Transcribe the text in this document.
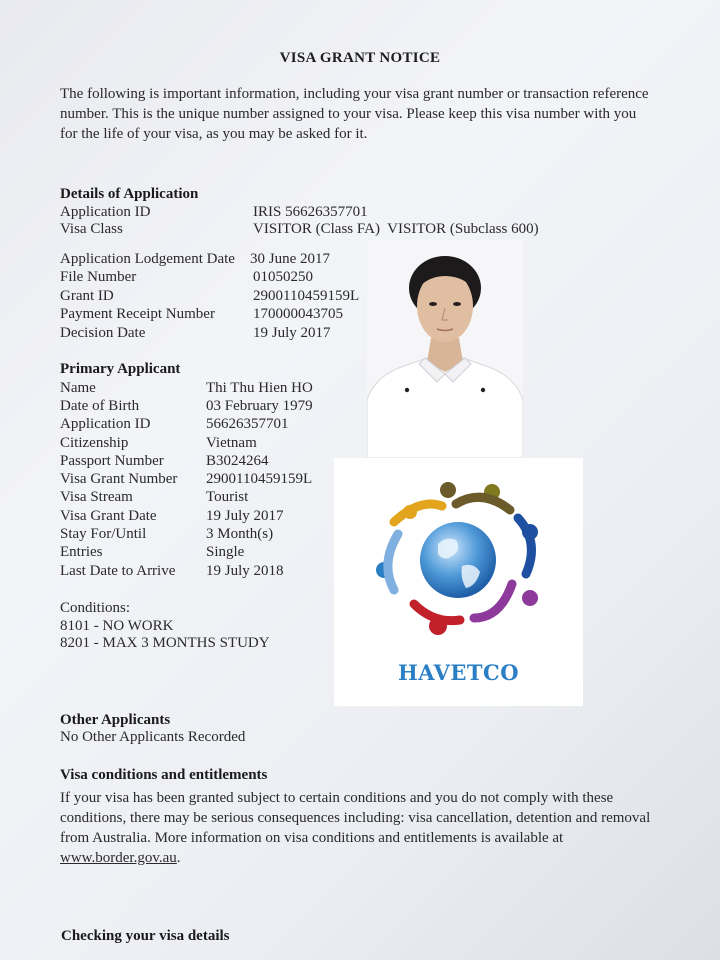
VISA GRANT NOTICE
The following is important information, including your visa grant number or transaction reference number. This is the unique number assigned to your visa. Please keep this visa number with you for the life of your visa, as you may be asked for it.
Details of Application
Application ID	IRIS 56626357701
Visa Class	VISITOR (Class FA)  VISITOR (Subclass 600)
Application Lodgement Date 30 June 2017
File Number	01050250
Grant ID	2900110459159L
Payment Receipt Number	170000043705
Decision Date	19 July 2017
Primary Applicant
Name	Thi Thu Hien HO
Date of Birth	03 February 1979
Application ID	56626357701
Citizenship	Vietnam
Passport Number	B3024264
Visa Grant Number 2900110459159L
Visa Stream	Tourist
Visa Grant Date	19 July 2017
Stay For/Until	3 Month(s)
Entries	Single
Last Date to Arrive 19 July 2018
Conditions:
8101 - NO WORK
8201 - MAX 3 MONTHS STUDY
Other Applicants
No Other Applicants Recorded
Visa conditions and entitlements
If your visa has been granted subject to certain conditions and you do not comply with these conditions, there may be serious consequences including: visa cancellation, detention and removal from Australia. More information on visa conditions and entitlements is available at www.border.gov.au.
Checking your visa details
HAVETCO
